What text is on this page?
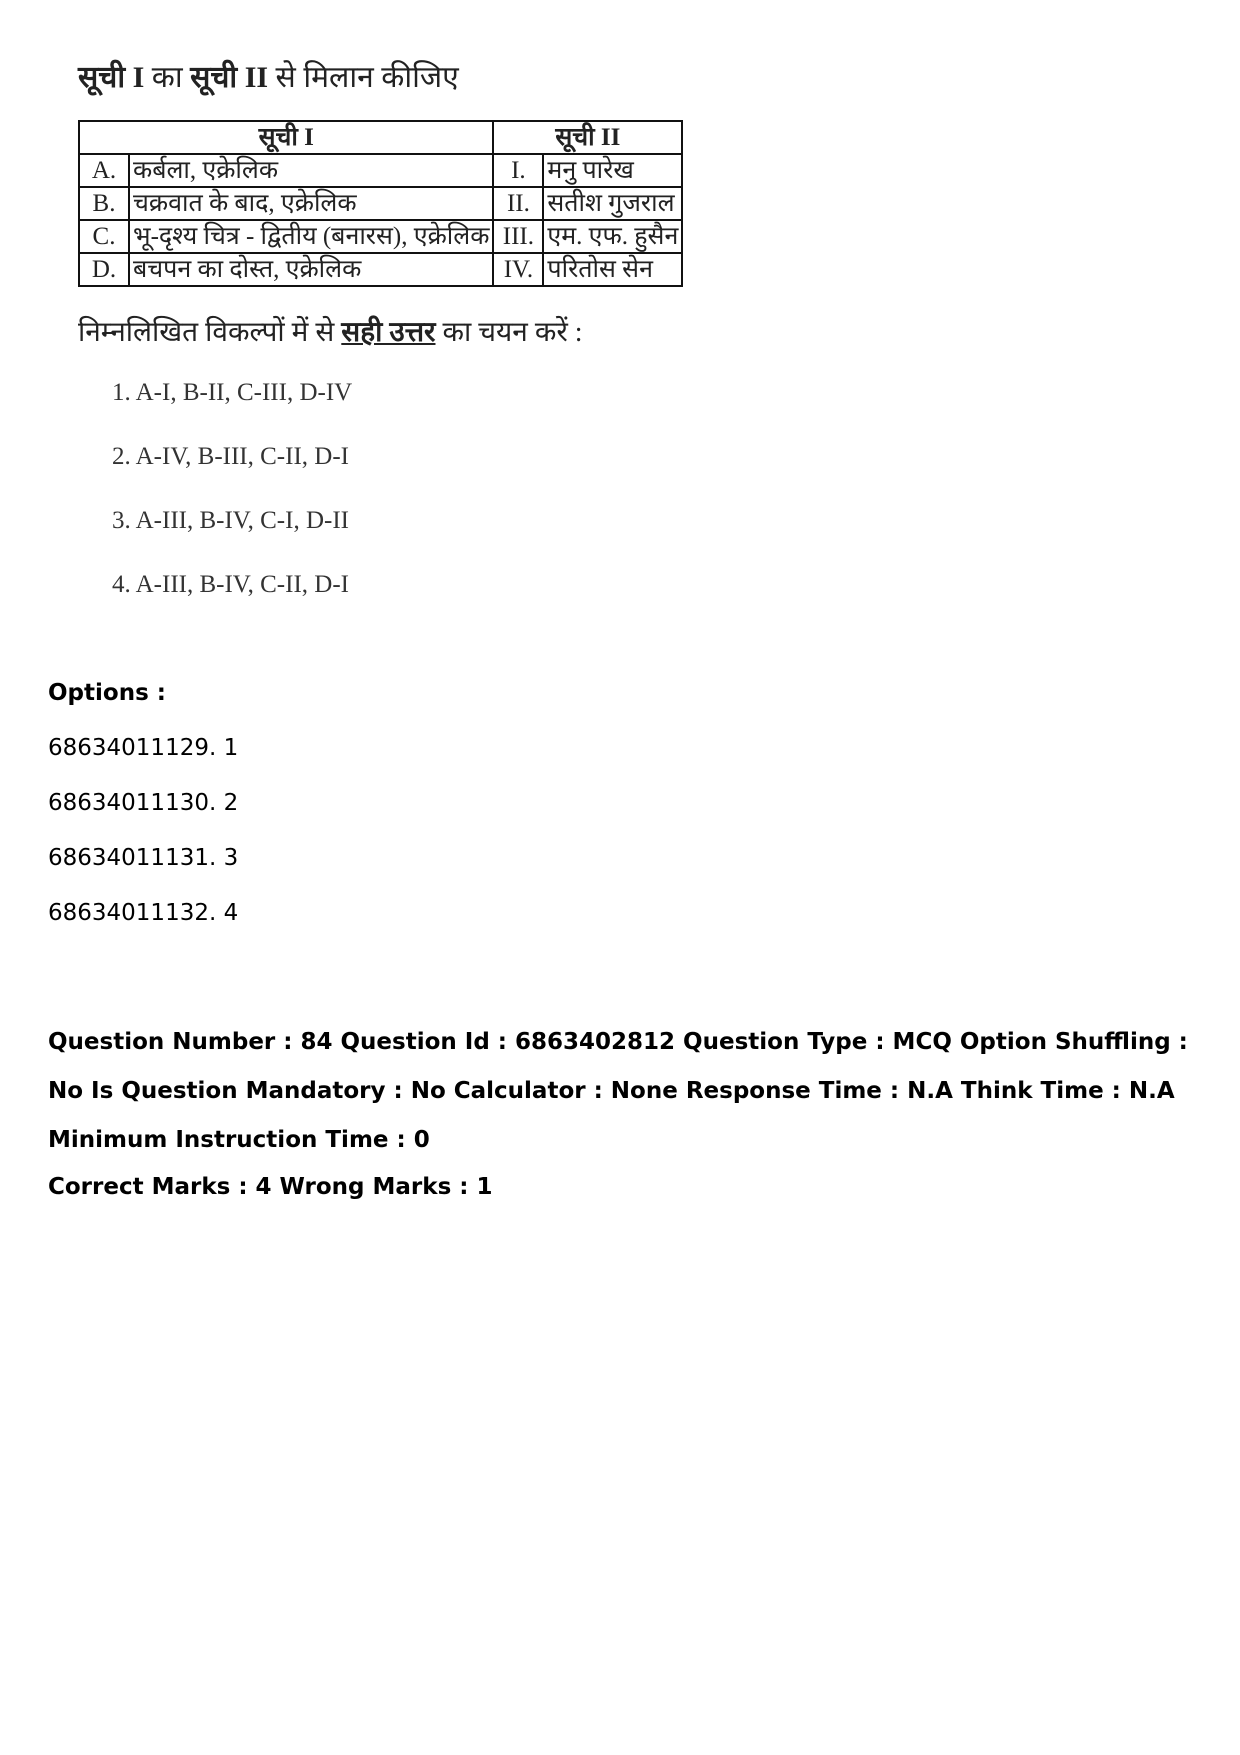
सूची I का सूची II से मिलान कीजिए
सूची I		सूची II	
A.	कर्बला, एक्रेलिक	I.	मनु पारेख
B.	चक्रवात के बाद, एक्रेलिक	II.	सतीश गुजराल
C.	भू-दृश्य चित्र - द्वितीय (बनारस), एक्रेलिक	III.	एम. एफ. हुसैन
D.	बचपन का दोस्त, एक्रेलिक	IV.	परितोस सेन
निम्नलिखित विकल्पों में से सही उत्तर का चयन करें :
1. A-I, B-II, C-III, D-IV
2. A-IV, B-III, C-II, D-I
3. A-III, B-IV, C-I, D-II
4. A-III, B-IV, C-II, D-I
Options :
68634011129. 1
68634011130. 2
68634011131. 3
68634011132. 4
Question Number : 84 Question Id : 6863402812 Question Type : MCQ Option Shuffling : No Is Question Mandatory : No Calculator : None Response Time : N.A Think Time : N.A Minimum Instruction Time : 0
Correct Marks : 4 Wrong Marks : 1
